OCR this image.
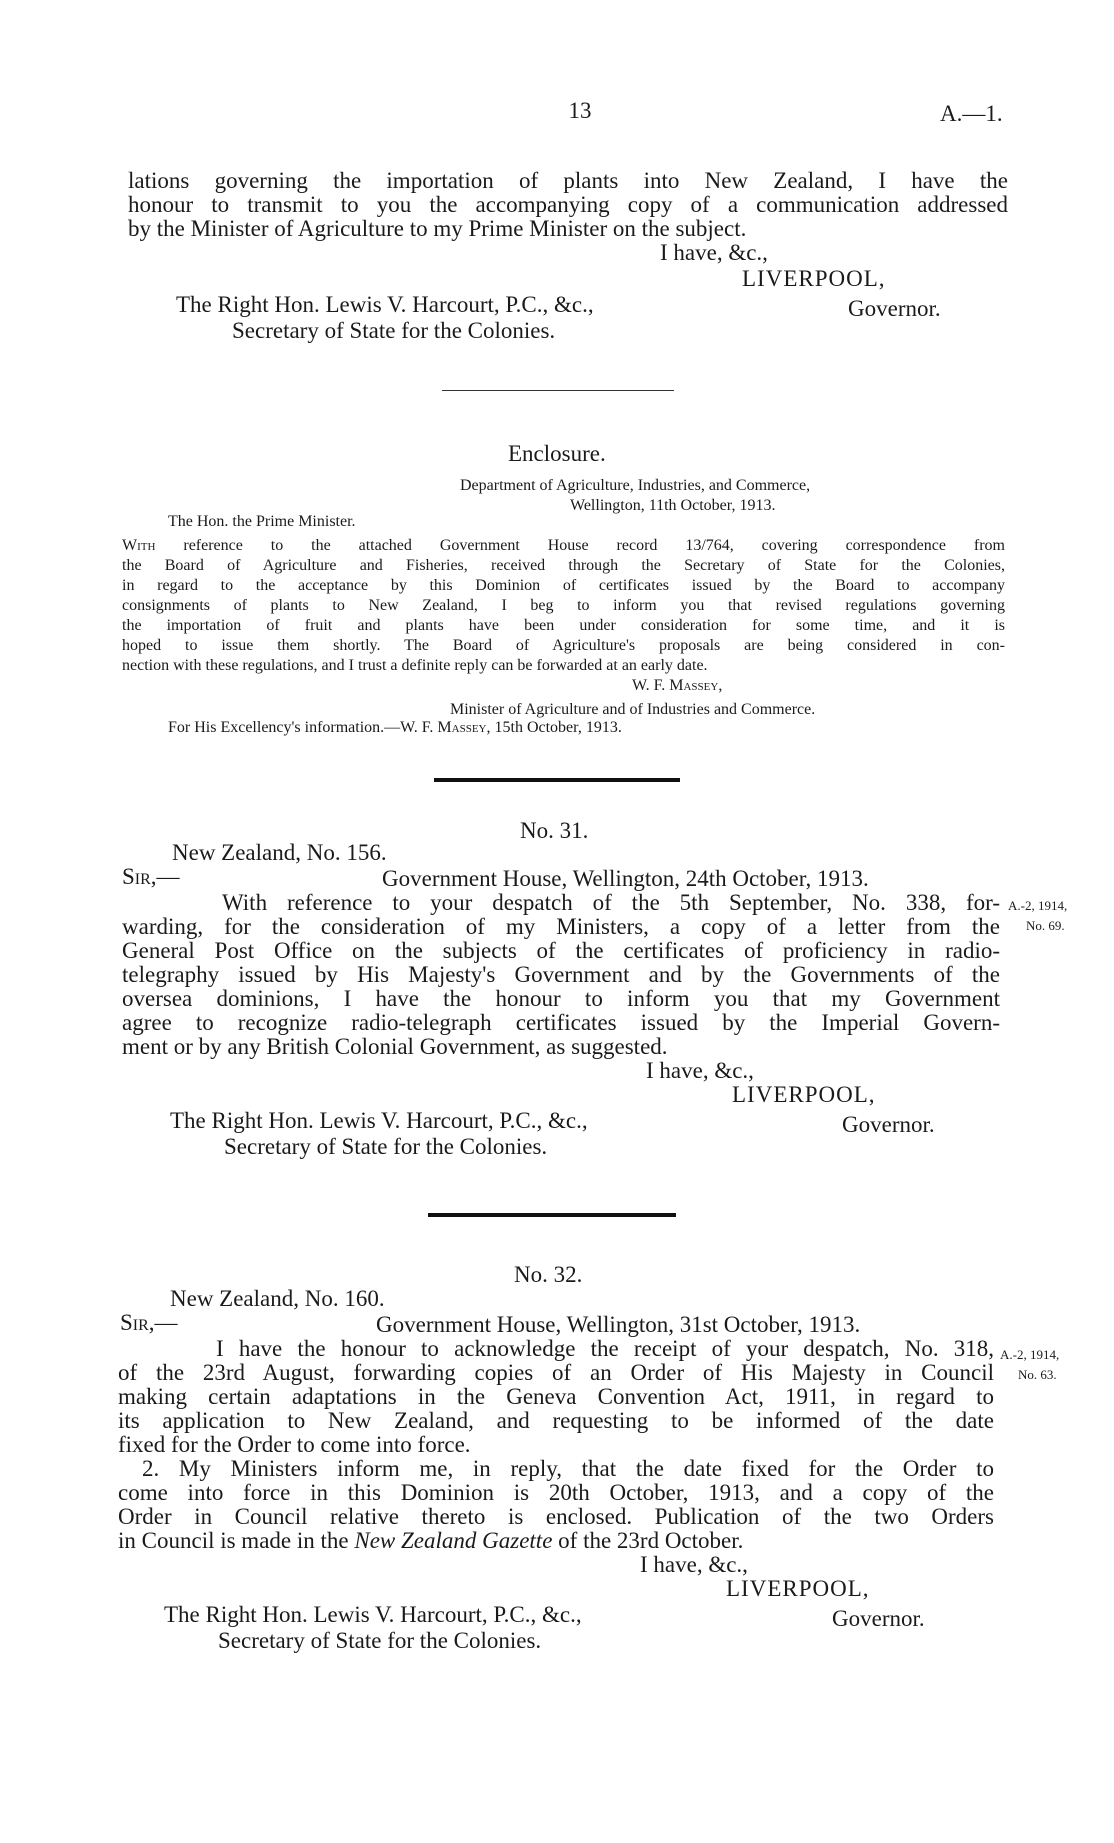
13	A.—1.
lations governing the importation of plants into New Zealand, I have the
honour to transmit to you the accompanying copy of a communication addressed
by the Minister of Agriculture to my Prime Minister on the subject.
I have, &c.,
LIVERPOOL,
The Right Hon. Lewis V. Harcourt, P.C., &c.,	Governor.
Secretary of State for the Colonies.
Enclosure.
Department of Agriculture, Industries, and Commerce,
Wellington, 11th October, 1913.
The Hon. the Prime Minister.
With reference to the attached Government House record 13/764, covering correspondence from
the Board of Agriculture and Fisheries, received through the Secretary of State for the Colonies,
in regard to the acceptance by this Dominion of certificates issued by the Board to accompany
consignments of plants to New Zealand, I beg to inform you that revised regulations governing
the importation of fruit and plants have been under consideration for some time, and it is
hoped to issue them shortly. The Board of Agriculture's proposals are being considered in con-
nection with these regulations, and I trust a definite reply can be forwarded at an early date.
W. F. Massey,
Minister of Agriculture and of Industries and Commerce.
For His Excellency's information.—W. F. Massey, 15th October, 1913.
No. 31.
New Zealand, No. 156.
Sir,—	Government House, Wellington, 24th October, 1913.
With reference to your despatch of the 5th September, No. 338, for-
warding, for the consideration of my Ministers, a copy of a letter from the
General Post Office on the subjects of the certificates of proficiency in radio-
telegraphy issued by His Majesty's Government and by the Governments of the
oversea dominions, I have the honour to inform you that my Government
agree to recognize radio-telegraph certificates issued by the Imperial Govern-
ment or by any British Colonial Government, as suggested.
A.-2, 1914,
No. 69.
I have, &c.,
LIVERPOOL,
The Right Hon. Lewis V. Harcourt, P.C., &c.,	Governor.
Secretary of State for the Colonies.
No. 32.
New Zealand, No. 160.
Sir,—	Government House, Wellington, 31st October, 1913.
I have the honour to acknowledge the receipt of your despatch, No. 318,
of the 23rd August, forwarding copies of an Order of His Majesty in Council
making certain adaptations in the Geneva Convention Act, 1911, in regard to
its application to New Zealand, and requesting to be informed of the date
fixed for the Order to come into force.
2. My Ministers inform me, in reply, that the date fixed for the Order to
come into force in this Dominion is 20th October, 1913, and a copy of the
Order in Council relative thereto is enclosed. Publication of the two Orders
in Council is made in the New Zealand Gazette of the 23rd October.
A.-2, 1914,
No. 63.
I have, &c.,
LIVERPOOL,
The Right Hon. Lewis V. Harcourt, P.C., &c.,	Governor.
Secretary of State for the Colonies.
